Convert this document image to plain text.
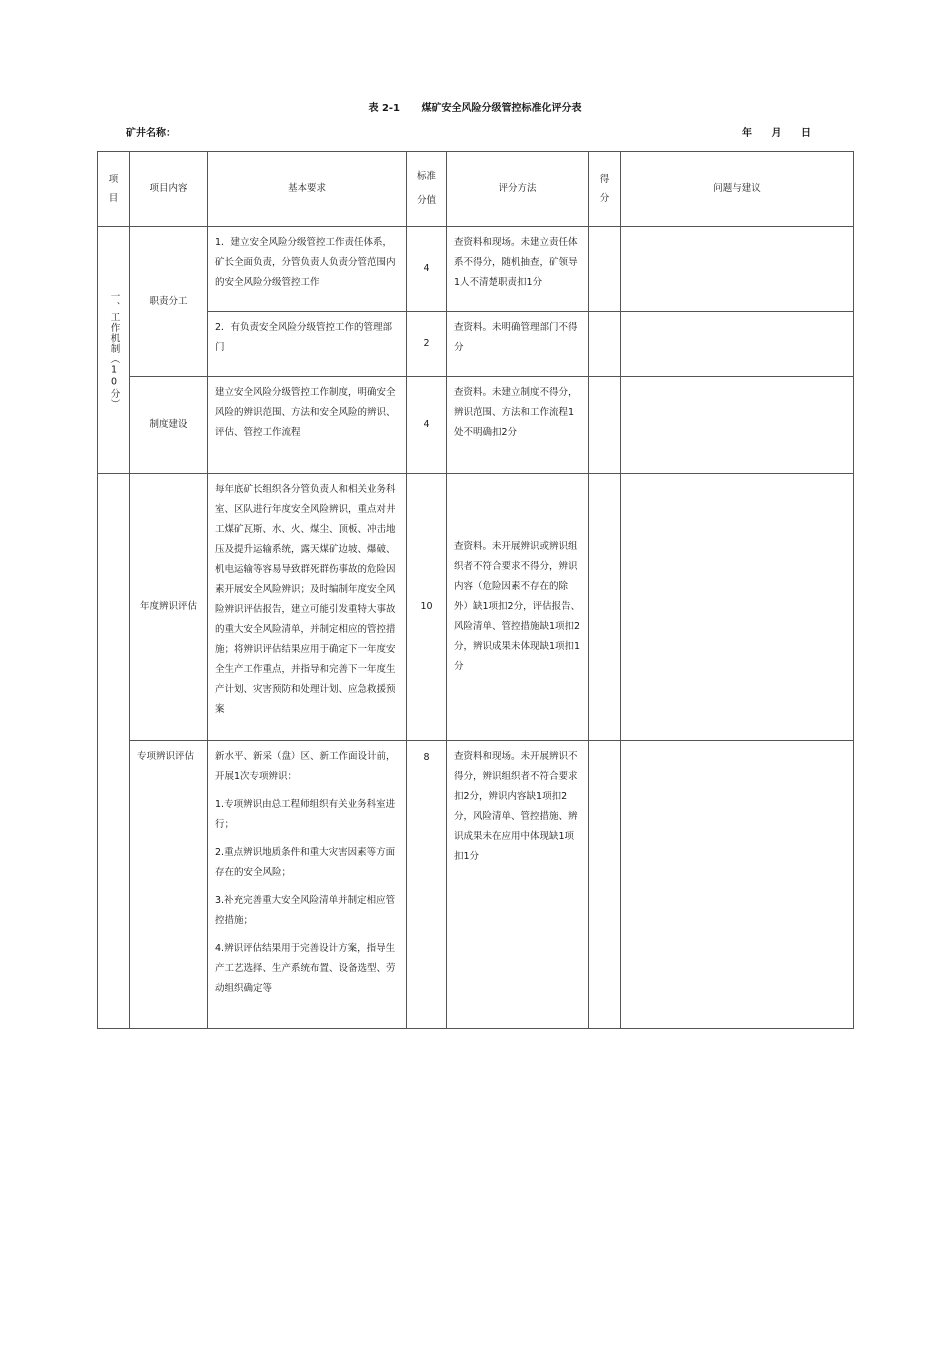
表 2-1 煤矿安全风险分级管控标准化评分表
矿井名称：	年 月 日
项目	项目内容	基本要求	标准分值	评分方法	得分	问题与建议

一、工作机制（10分）	职责分工	1．建立安全风险分级管控工作责任体系，矿长全面负责，分管负责人负责分管范围内的安全风险分级管控工作	4	查资料和现场。未建立责任体系不得分，随机抽查，矿领导1人不清楚职责扣1分		
		2．有负责安全风险分级管控工作的管理部门	2	查资料。未明确管理部门不得分		
	制度建设	建立安全风险分级管控工作制度，明确安全风险的辨识范围、方法和安全风险的辨识、评估、管控工作流程	4	查资料。未建立制度不得分，辨识范围、方法和工作流程1处不明确扣2分		
	年度辨识评估	每年底矿长组织各分管负责人和相关业务科室、区队进行年度安全风险辨识，重点对井工煤矿瓦斯、水、火、煤尘、顶板、冲击地压及提升运输系统，露天煤矿边坡、爆破、机电运输等容易导致群死群伤事故的危险因素开展安全风险辨识；及时编制年度安全风险辨识评估报告，建立可能引发重特大事故的重大安全风险清单，并制定相应的管控措施；将辨识评估结果应用于确定下一年度安全生产工作重点，并指导和完善下一年度生产计划、灾害预防和处理计划、应急救援预案	10	查资料。未开展辨识或辨识组织者不符合要求不得分，辨识内容（危险因素不存在的除外）缺1项扣2分，评估报告、风险清单、管控措施缺1项扣2分，辨识成果未体现缺1项扣1分		
	专项辨识评估	新水平、新采（盘）区、新工作面设计前，开展1次专项辨识：
1.专项辨识由总工程师组织有关业务科室进行；
2.重点辨识地质条件和重大灾害因素等方面存在的安全风险；
3.补充完善重大安全风险清单并制定相应管控措施；
4.辨识评估结果用于完善设计方案，指导生产工艺选择、生产系统布置、设备选型、劳动组织确定等	8	查资料和现场。未开展辨识不得分，辨识组织者不符合要求扣2分，辨识内容缺1项扣2分，风险清单、管控措施、辨识成果未在应用中体现缺1项扣1分		
